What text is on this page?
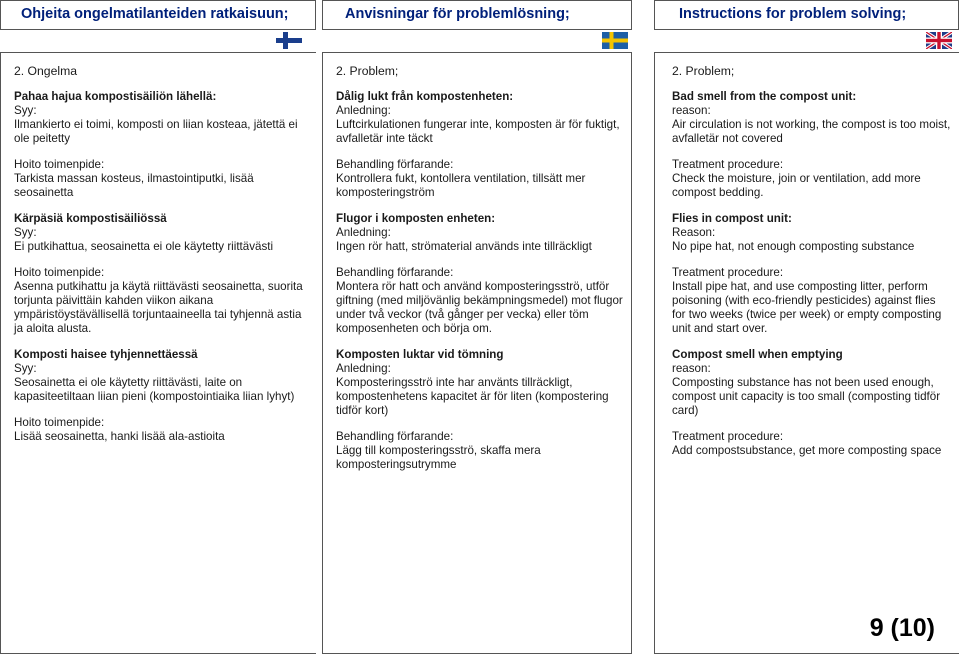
Ohjeita ongelmatilanteiden ratkaisuun;

2. Ongelma

Pahaa hajua kompostisäiliön lähellä:
Syy:
Ilmankierto ei toimi, komposti on liian kosteaa, jätettä ei ole peitetty

Hoito toimenpide:
Tarkista massan kosteus, ilmastointiputki, lisää seosainetta

Kärpäsiä kompostisäiliössä
Syy:
Ei putkihattua, seosainetta ei ole käytetty riittävästi

Hoito toimenpide:
Asenna putkihattu ja käytä riittävästi seosainetta, suorita torjunta päivittäin kahden viikon aikana ympäristöystävällisellä torjuntaaineella tai tyhjennä astia ja aloita alusta.

Komposti haisee tyhjennettäessä
Syy:
Seosainetta ei ole käytetty riittävästi, laite on kapasiteetiltaan liian pieni (kompostointiaika liian lyhyt)

Hoito toimenpide:
Lisää seosainetta, hanki lisää ala-astioita

Anvisningar för problemlösning;

2. Problem;

Dålig lukt från kompostenheten:
Anledning:
Luftcirkulationen fungerar inte, komposten är för fuktigt, avfalletär inte täckt

Behandling förfarande:
Kontrollera fukt, kontollera ventilation, tillsätt mer komposteringström

Flugor i komposten enheten:
Anledning:
Ingen rör hatt, strömaterial används inte tillräckligt

Behandling förfarande:
Montera rör hatt och använd komposteringsströ, utför giftning (med miljövänlig bekämpningsmedel) mot flugor under två veckor (två gånger per vecka) eller töm komposenheten och börja om.

Komposten luktar vid tömning
Anledning:
Komposteringsströ inte har använts tillräckligt, kompostenhetens kapacitet är för liten (kompostering tidför kort)

Behandling förfarande:
Lägg till komposteringsströ, skaffa mera komposteringsutrymme

Instructions for problem solving;

2. Problem;

Bad smell from the compost unit:
reason:
Air circulation is not working, the compost is too moist, avfalletär not covered

Treatment procedure:
Check the moisture, join or ventilation, add more compost bedding.

Flies in compost unit:
Reason:
No pipe hat, not enough composting substance

Treatment procedure:
Install pipe hat, and use composting litter, perform poisoning (with eco-friendly pesticides) against flies for two weeks (twice per week) or empty composting unit and start over.

Compost smell when emptying
reason:
Composting substance has not been used enough, compost unit capacity is too small (composting tidför card)

Treatment procedure:
Add compostsubstance, get more composting space

9 (10)
